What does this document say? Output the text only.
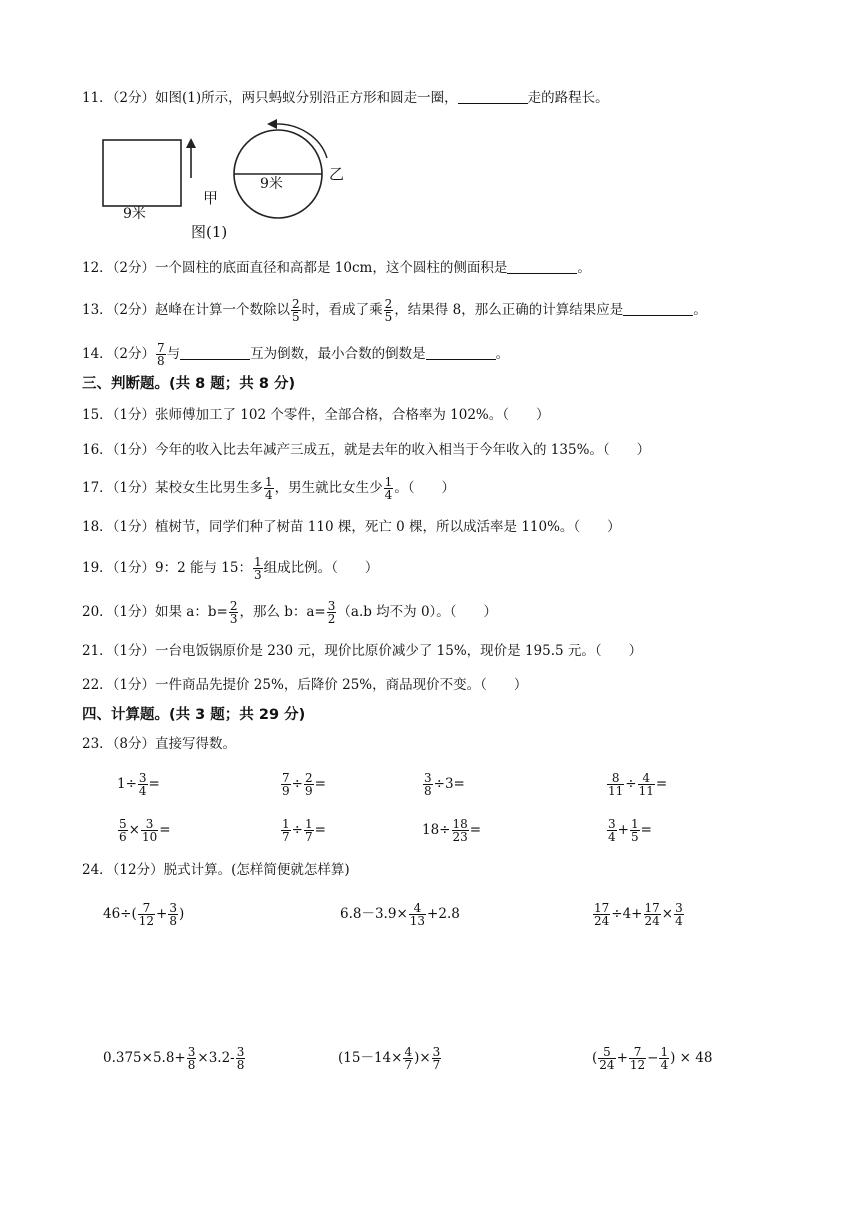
11．（2分）如图(1)所示，两只蚂蚁分别沿正方形和圆走一圈，	走的路程长。
9米
9米
甲
乙
图(1)
12．（2分）一个圆柱的底面直径和高都是 10cm，这个圆柱的侧面积是	。
13．（2分）赵峰在计算一个数除以 $\frac{2}{5}$ 时，看成了乘 $\frac{2}{5}$ ，结果得 8，那么正确的计算结果应是	。
14．（2分） $\frac{7}{8}$ 与	互为倒数，最小合数的倒数是	。
三、判断题。(共 8 题；共 8 分)
15．（1分）张师傅加工了 102 个零件，全部合格，合格率为 102%。（　　）
16．（1分）今年的收入比去年减产三成五，就是去年的收入相当于今年收入的 135%。（　　）
17．（1分）某校女生比男生多 $\frac{1}{4}$ ，男生就比女生少 $\frac{1}{4}$ 。（　　）
18．（1分）植树节，同学们种了树苗 110 棵，死亡 0 棵，所以成活率是 110%。（　　）
19．（1分）9：2 能与 15： $\frac{1}{3}$ 组成比例。（　　）
20．（1分）如果 a：$b= \frac{2}{3}$ ，那么 b：$a= \frac{3}{2} (a.b$ 均不为 0）。（　　）
21．（1分）一台电饭锅原价是 230 元，现价比原价减少了 15%，现价是 195.5 元。（　　）
22．（1分）一件商品先提价 25%，后降价 25%，商品现价不变。（　　）
四、计算题。(共 3 题；共 29 分)
23．（8分）直接写得数。
$1\div \frac{3}{4}$ =	$\frac{7}{9} \div \frac{2}{9}$ =	$\frac{3}{8} \div 3=$	$\frac{8}{11} \div \frac{4}{11}$ =
$\frac{5}{6} \times \frac{3}{10}$ =	$\frac{1}{7} \div \frac{1}{7}$ =	$18\div \frac{18}{23}$ =	$\frac{3}{4} + \frac{1}{5}$ =
24．（12分）脱式计算。(怎样简便就怎样算)
$46\div( \frac{7}{12} + \frac{3}{8}$ )	$6.8-3.9\times \frac{4}{13} +2.8$	$\frac{17}{24} \div 4+ \frac{17}{24} \times \frac{3}{4}$
$0.375\times 5.8+ \frac{3}{8} \times 3.2- \frac{3}{8}$	($15-14\times \frac{4}{7}$ )× $\frac{3}{7}$	( $\frac{5}{24} + \frac{7}{12} - \frac{1}{4}$ ) × 48
